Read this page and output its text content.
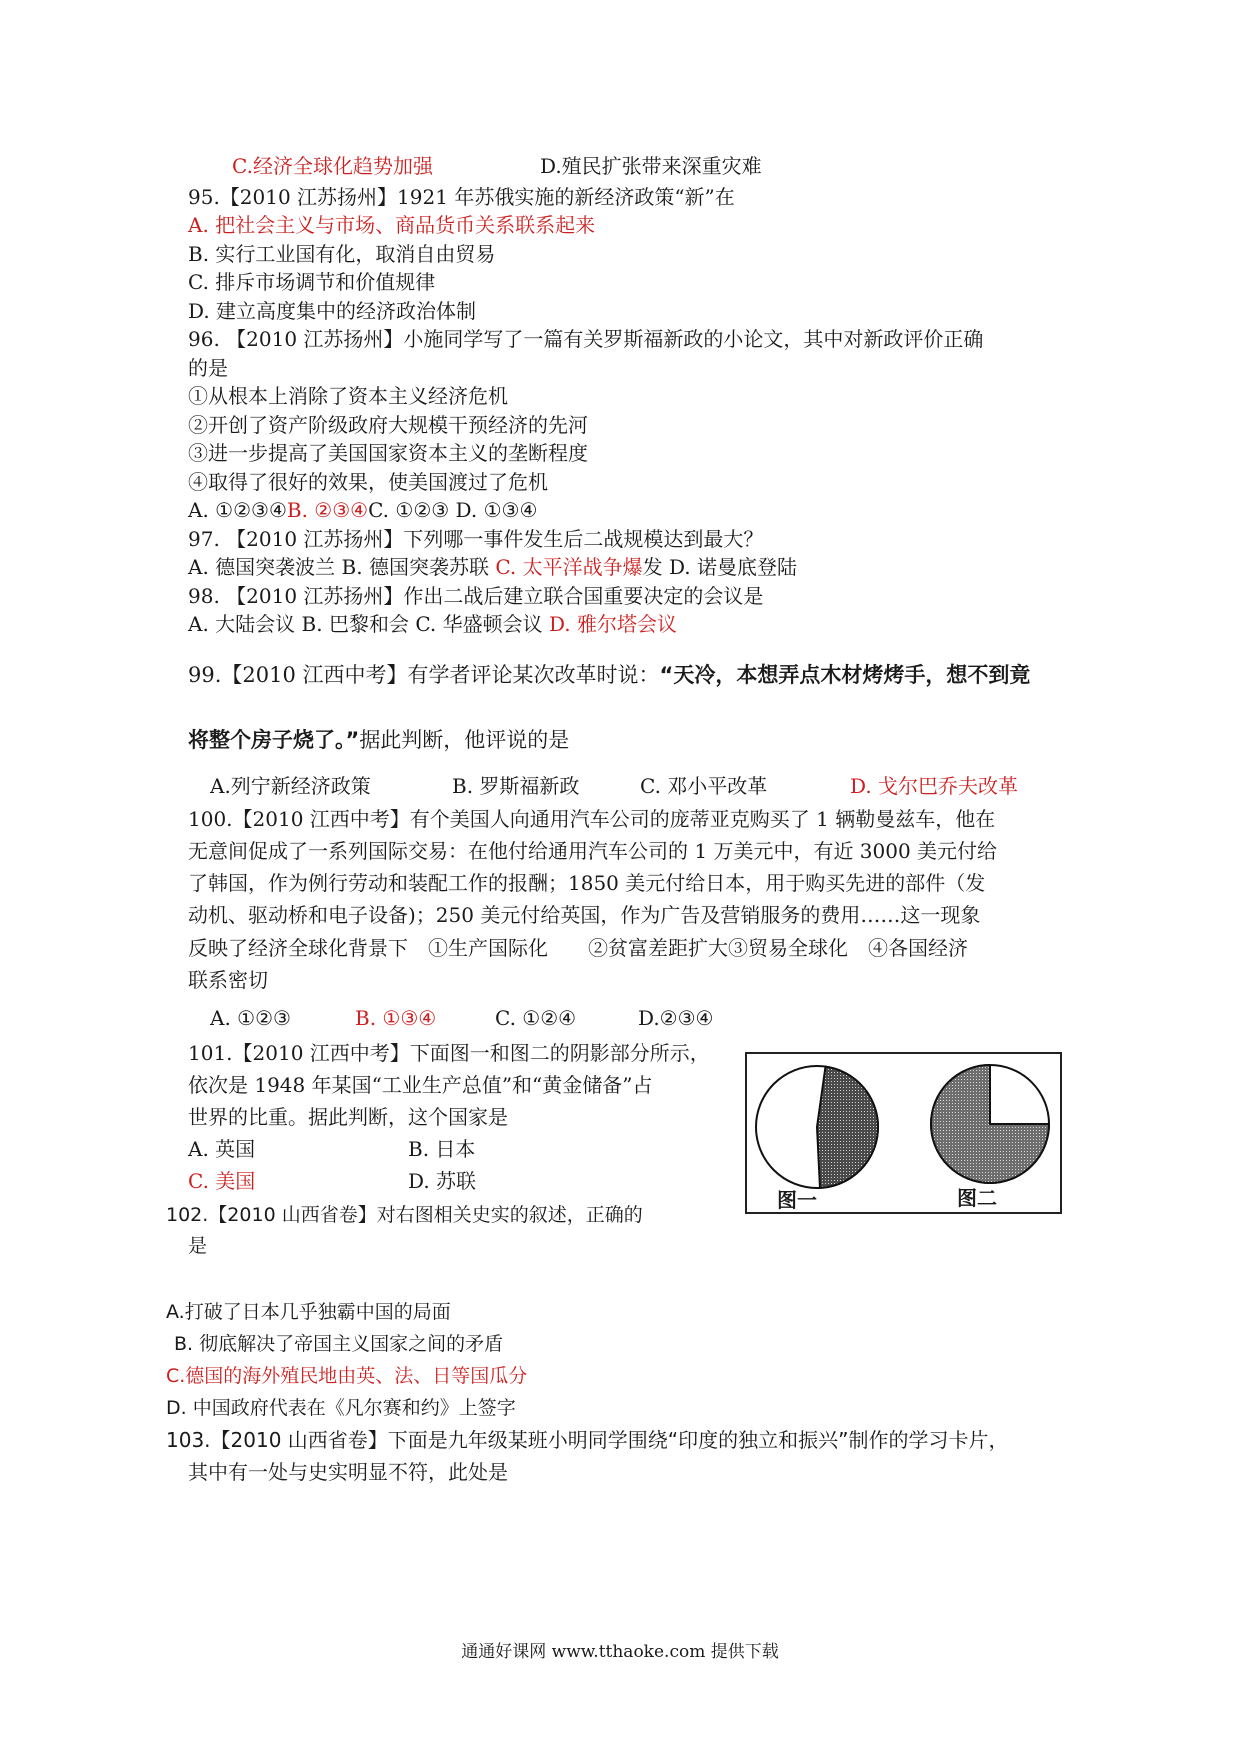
C.经济全球化趋势加强	D.殖民扩张带来深重灾难
95.【2010 江苏扬州】1921 年苏俄实施的新经济政策“新”在
A. 把社会主义与市场、商品货币关系联系起来
B. 实行工业国有化，取消自由贸易
C. 排斥市场调节和价值规律
D. 建立高度集中的经济政治体制
96. 【2010 江苏扬州】小施同学写了一篇有关罗斯福新政的小论文，其中对新政评价正确
的是
①从根本上消除了资本主义经济危机
②开创了资产阶级政府大规模干预经济的先河
③进一步提高了美国国家资本主义的垄断程度
④取得了很好的效果，使美国渡过了危机
A. ①②③④B. ②③④C. ①②③ D. ①③④
97. 【2010 江苏扬州】下列哪一事件发生后二战规模达到最大？
A. 德国突袭波兰 B. 德国突袭苏联 C. 太平洋战争爆发 D. 诺曼底登陆
98. 【2010 江苏扬州】作出二战后建立联合国重要决定的会议是
A. 大陆会议 B. 巴黎和会 C. 华盛顿会议 D. 雅尔塔会议
99.【2010 江西中考】有学者评论某次改革时说：“天冷，本想弄点木材烤烤手，想不到竟
将整个房子烧了。”据此判断，他评说的是
A.列宁新经济政策	B. 罗斯福新政	C. 邓小平改革	D. 戈尔巴乔夫改革
100.【2010 江西中考】有个美国人向通用汽车公司的庞蒂亚克购买了 1 辆勒曼兹车，他在
无意间促成了一系列国际交易：在他付给通用汽车公司的 1 万美元中，有近 3000 美元付给
了韩国，作为例行劳动和装配工作的报酬；1850 美元付给日本，用于购买先进的部件（发
动机、驱动桥和电子设备)；250 美元付给英国，作为广告及营销服务的费用……这一现象
反映了经济全球化背景下　①生产国际化　　②贫富差距扩大③贸易全球化　④各国经济
联系密切
A. ①②③	B. ①③④	C. ①②④	D.②③④
101.【2010 江西中考】下面图一和图二的阴影部分所示，
依次是 1948 年某国“工业生产总值”和“黄金储备”占
世界的比重。据此判断，这个国家是
A. 英国	B. 日本
C. 美国	D. 苏联
图一	图二
102.【2010 山西省卷】对右图相关史实的叙述，正确的
是
A.打破了日本几乎独霸中国的局面
B. 彻底解决了帝国主义国家之间的矛盾
C.德国的海外殖民地由英、法、日等国瓜分
D. 中国政府代表在《凡尔赛和约》上签字
103.【2010 山西省卷】下面是九年级某班小明同学围绕“印度的独立和振兴”制作的学习卡片，
其中有一处与史实明显不符，此处是
通通好课网 www.tthaoke.com 提供下载
